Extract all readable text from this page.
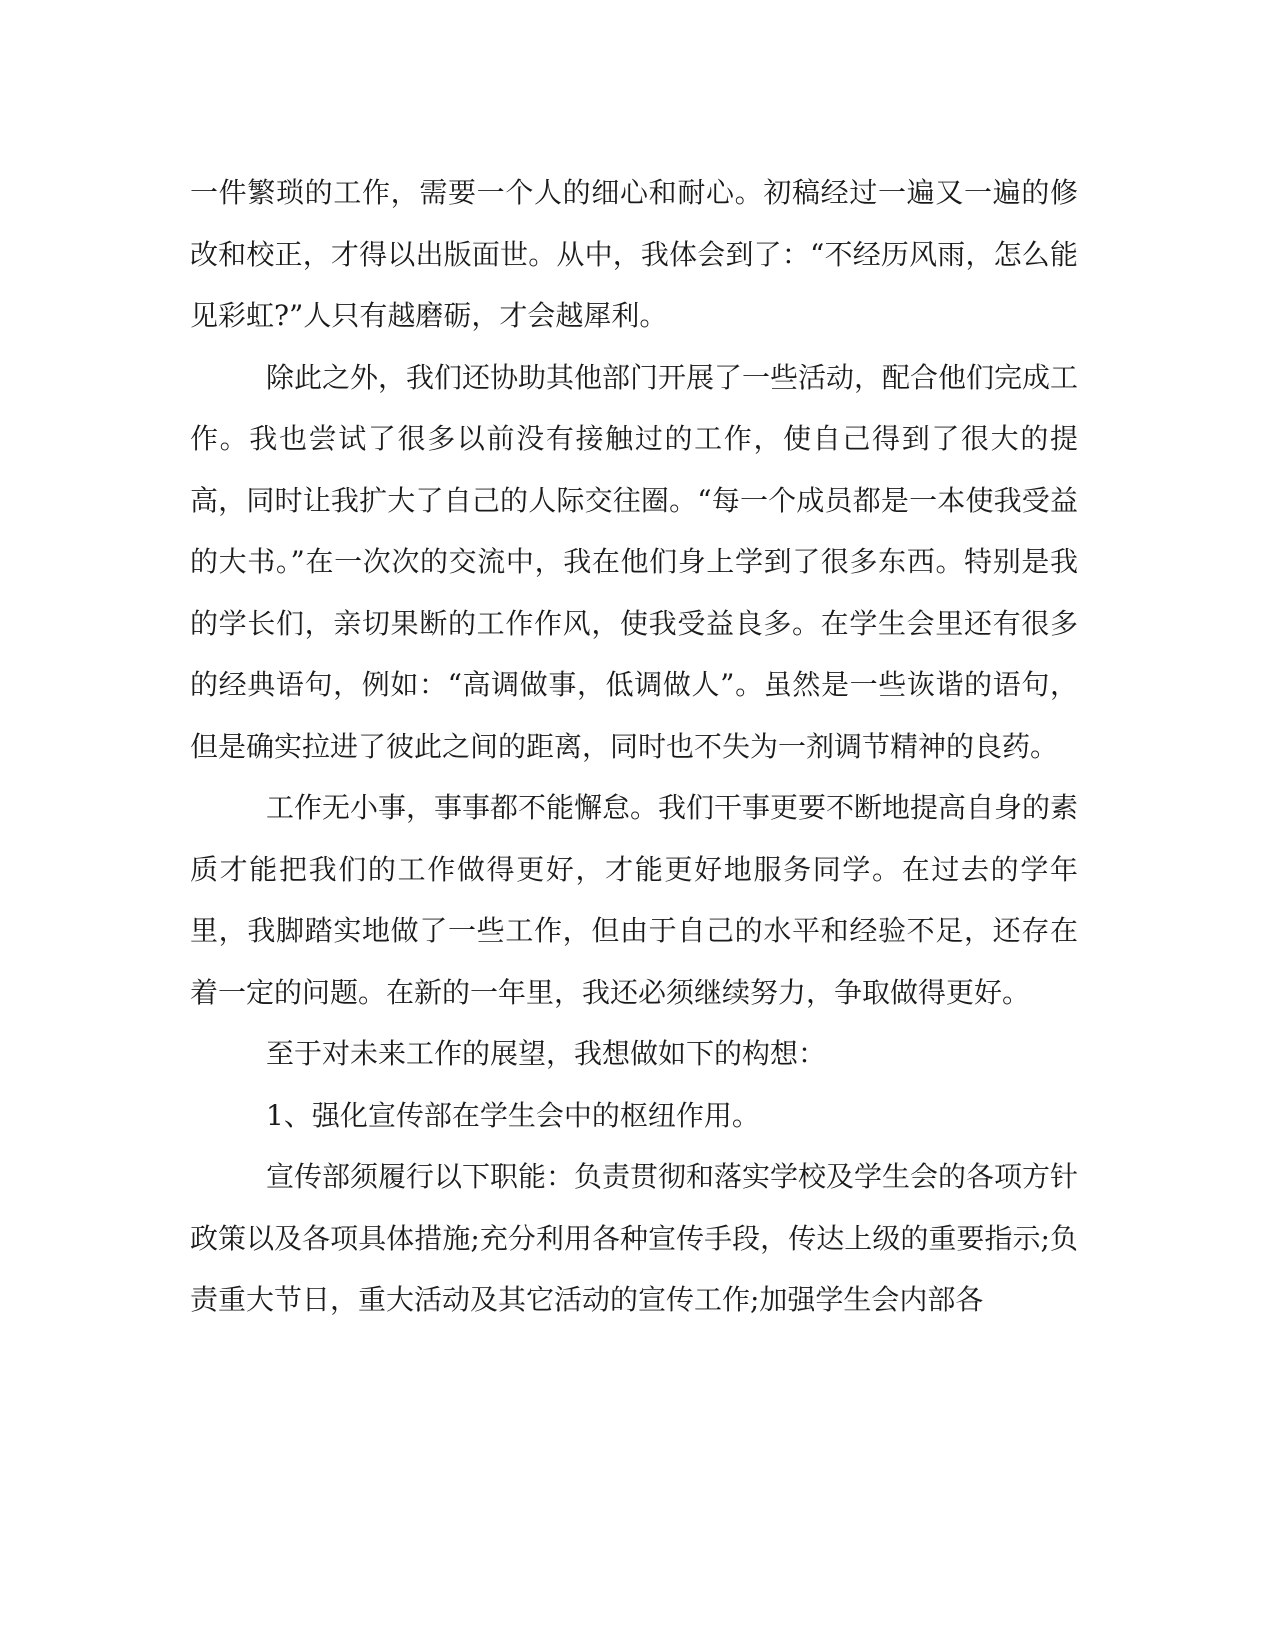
一件繁琐的工作，需要一个人的细心和耐心。初稿经过一遍又一遍的修改和校正，才得以出版面世。从中，我体会到了：“不经历风雨，怎么能见彩虹?”人只有越磨砺，才会越犀利。

除此之外，我们还协助其他部门开展了一些活动，配合他们完成工作。我也尝试了很多以前没有接触过的工作，使自己得到了很大的提高，同时让我扩大了自己的人际交往圈。“每一个成员都是一本使我受益的大书。”在一次次的交流中，我在他们身上学到了很多东西。特别是我的学长们，亲切果断的工作作风，使我受益良多。在学生会里还有很多的经典语句，例如：“高调做事，低调做人”。虽然是一些诙谐的语句，但是确实拉进了彼此之间的距离，同时也不失为一剂调节精神的良药。

工作无小事，事事都不能懈怠。我们干事更要不断地提高自身的素质才能把我们的工作做得更好，才能更好地服务同学。在过去的学年里，我脚踏实地做了一些工作，但由于自己的水平和经验不足，还存在着一定的问题。在新的一年里，我还必须继续努力，争取做得更好。

至于对未来工作的展望，我想做如下的构想：

1、强化宣传部在学生会中的枢纽作用。

宣传部须履行以下职能：负责贯彻和落实学校及学生会的各项方针政策以及各项具体措施;充分利用各种宣传手段，传达上级的重要指示;负责重大节日，重大活动及其它活动的宣传工作;加强学生会内部各
